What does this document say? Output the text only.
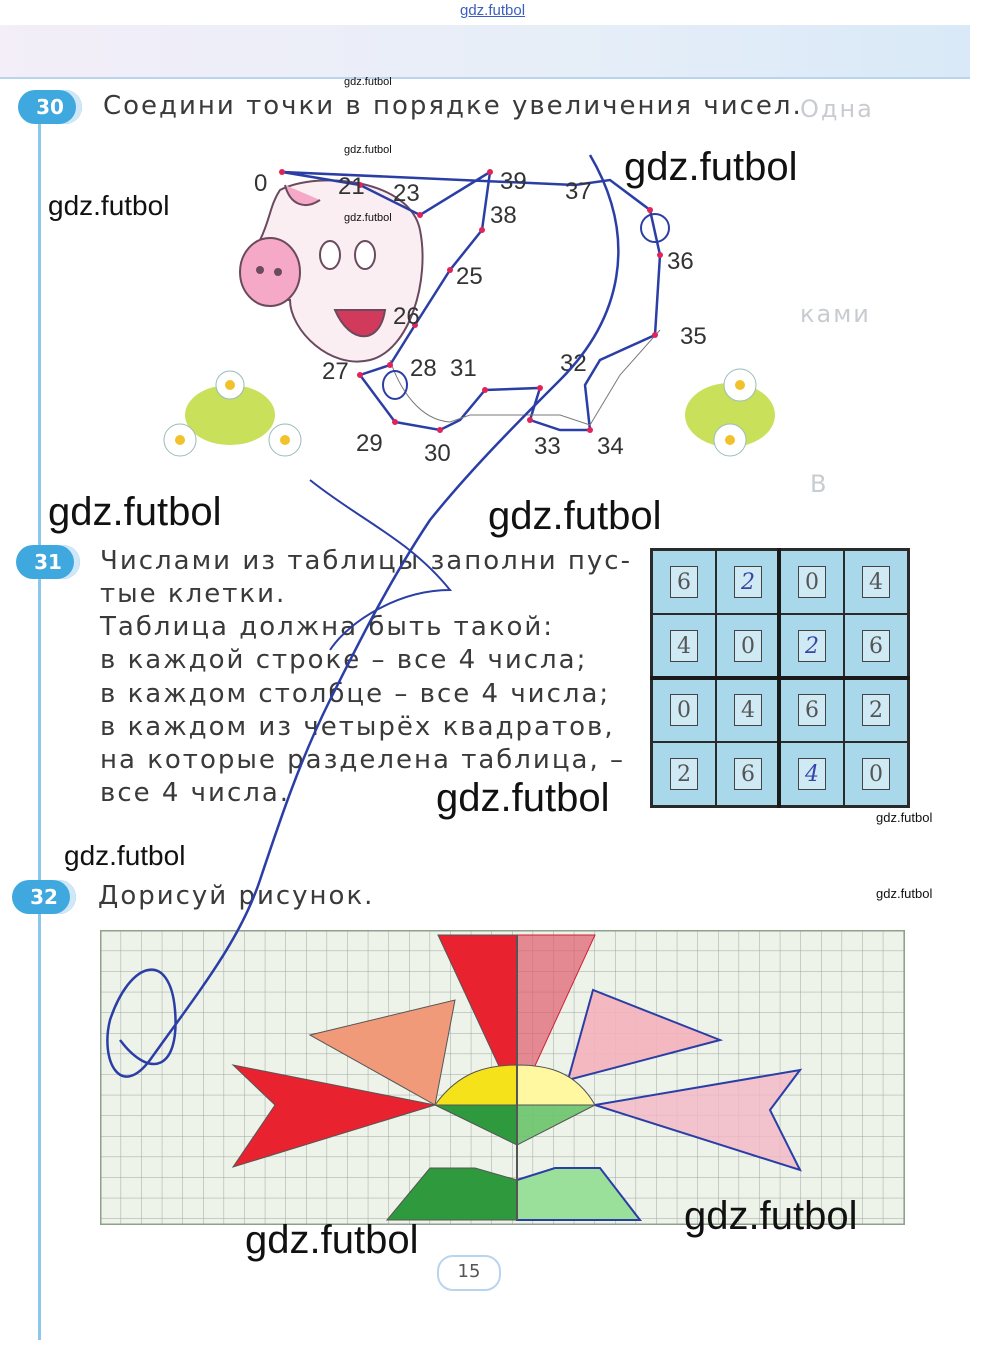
gdz.futbol
Одна
ками
В
30	Соедини точки в порядке увеличения чисел.
0	21 23	39
38
37
25
36
26
35
27	28 31	32
29 30	33 34
31	Числами из таблицы заполни пус-
тые клетки.
Таблица должна быть такой:
в каждой строке – все 4 числа;
в каждом столбце – все 4 числа;
в каждом из четырёх квадратов,
на которые разделена таблица, –
все 4 числа.
6	2	0	4
4	0	2	6
0	4	6	2
2	6	4	0
32	Дорисуй рисунок.
gdz.futbol
gdz.futbol
gdz.futbol
gdz.futbol
gdz.futbol
gdz.futbol	gdz.futbol
gdz.futbol	gdz.futbol
gdz.futbol
gdz.futbol
gdz.futbol
gdz.futbol
15
